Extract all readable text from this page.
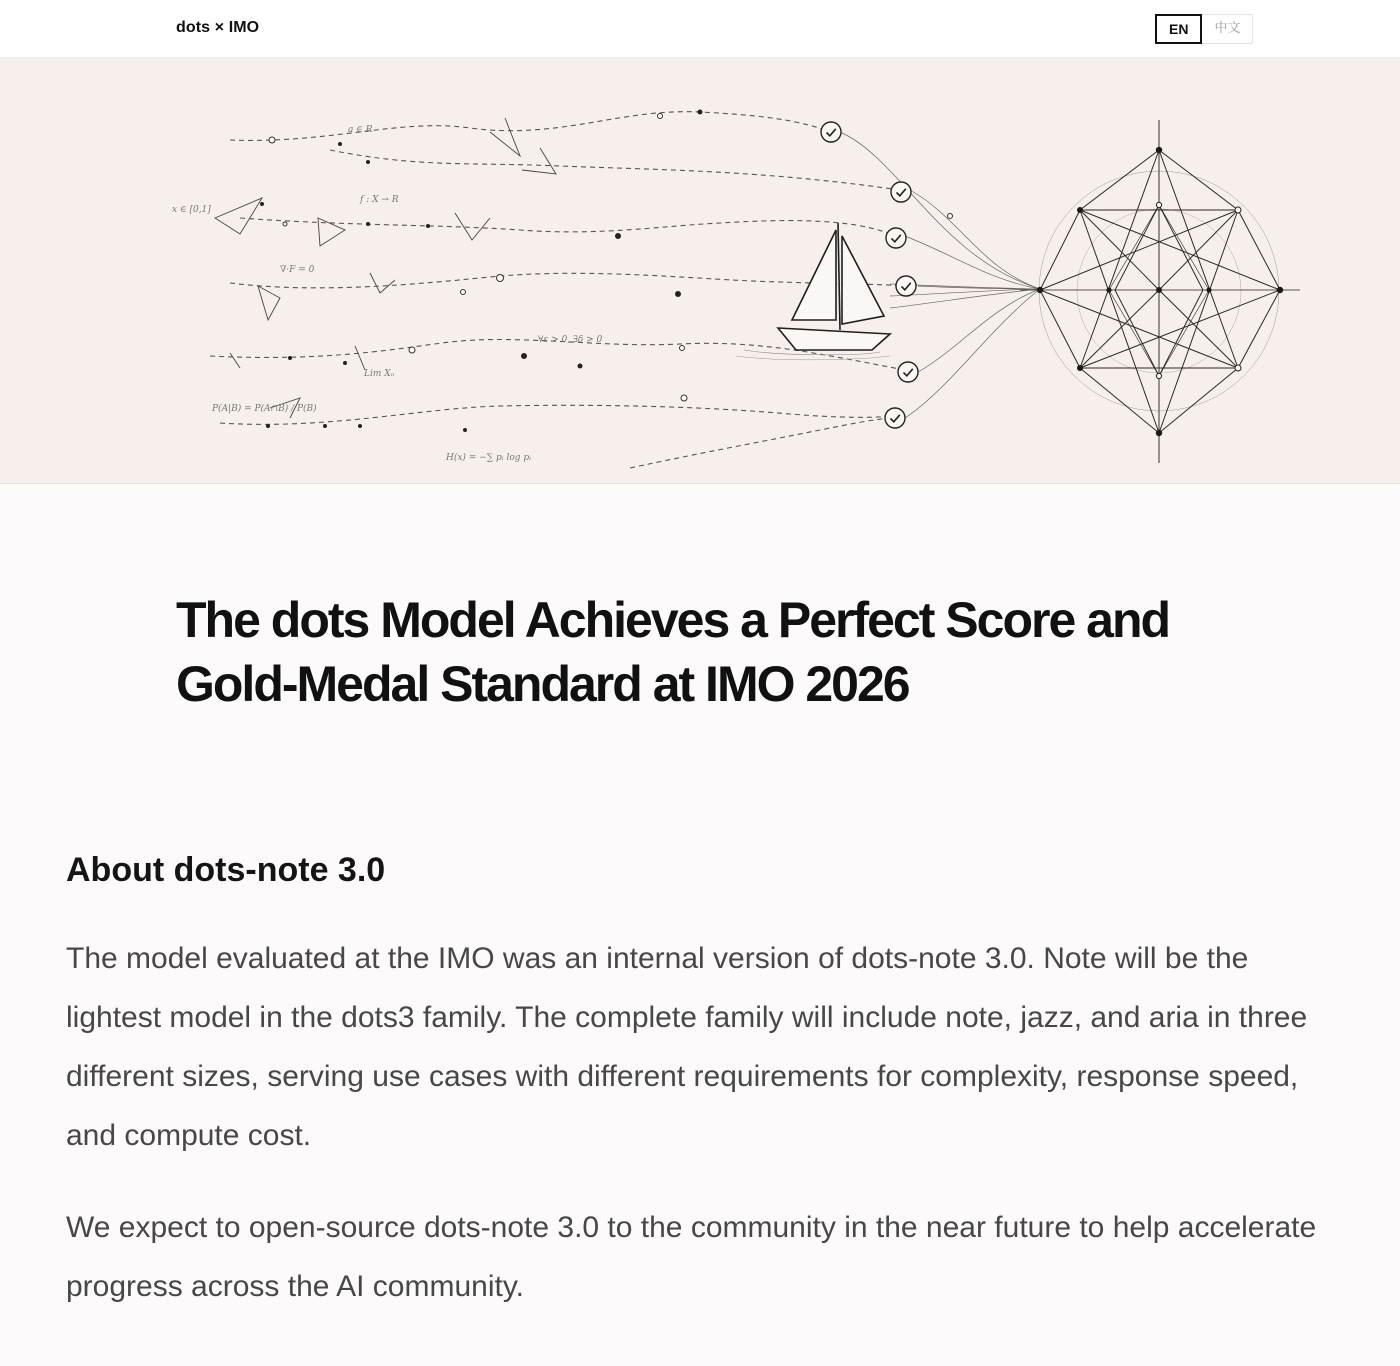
dots × IMO	EN	中文
x ∈ [0,1]
f : X → R
a ∈ R
∇·F = 0
Lim Xₙ
P(A|B) = P(A∩B) / P(B)
H(x) = −∑ pᵢ log pᵢ
∀ε > 0, ∃δ > 0
The dots Model Achieves a Perfect Score and
Gold-Medal Standard at IMO 2026
About dots-note 3.0

The model evaluated at the IMO was an internal version of dots-note 3.0. Note will be the lightest model in the dots3 family. The complete family will include note, jazz, and aria in three different sizes, serving use cases with different requirements for complexity, response speed, and compute cost.

We expect to open-source dots-note 3.0 to the community in the near future to help accelerate progress across the AI community.
